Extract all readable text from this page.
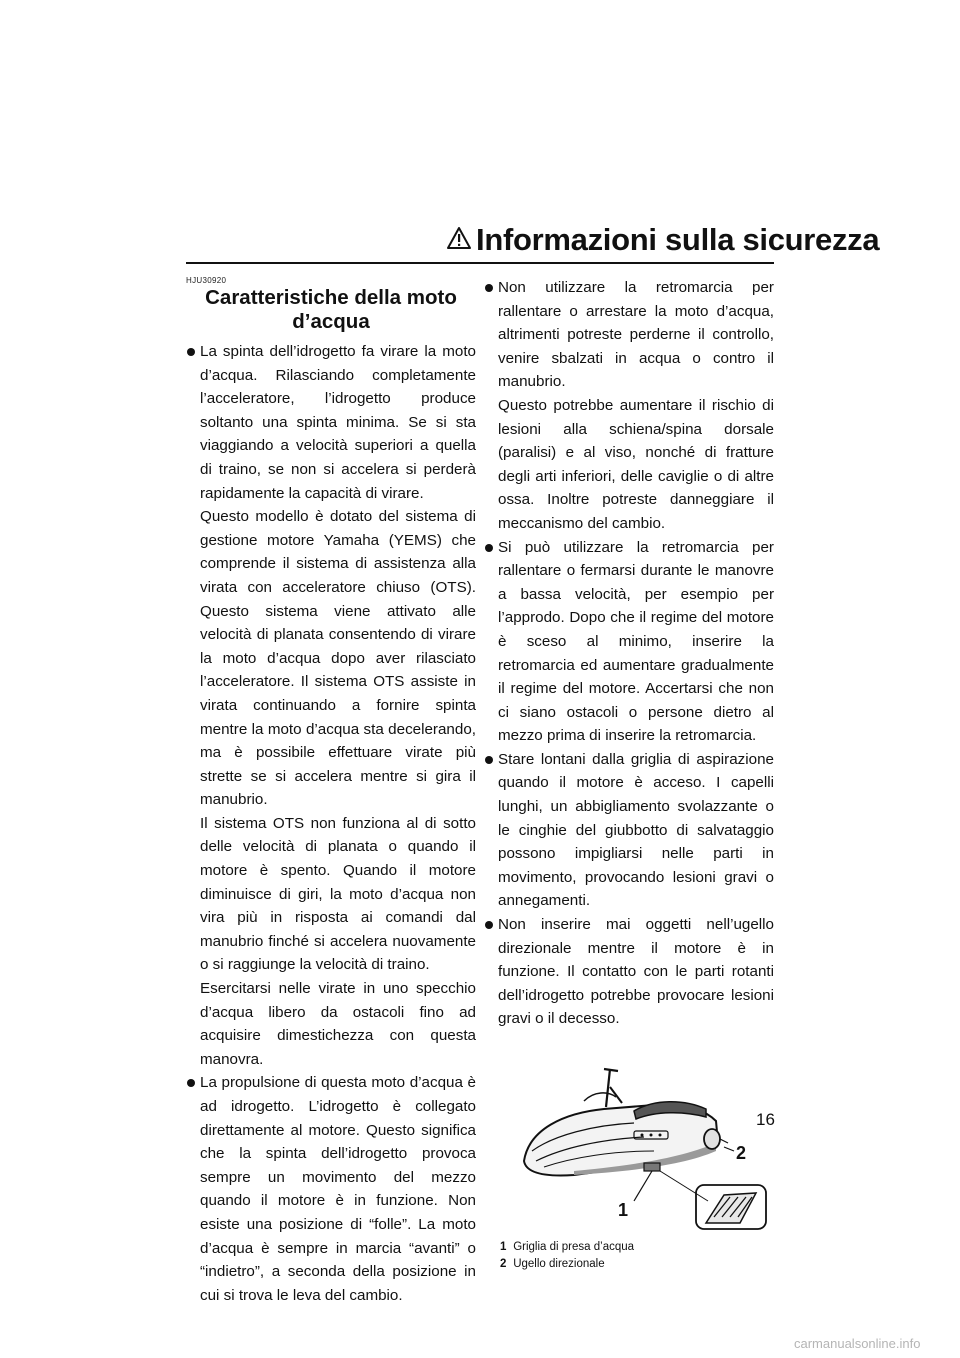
Informazioni sulla sicurezza
HJU30920
Caratteristiche della moto
d’acqua

La spinta dell’idrogetto fa virare la moto d’acqua. Rilasciando completamente l’acceleratore, l’idrogetto produce soltanto una spinta minima. Se si sta viaggiando a velocità superiori a quella di traino, se non si accelera si perderà rapidamente la capacità di virare.

Questo modello è dotato del sistema di gestione motore Yamaha (YEMS) che comprende il sistema di assistenza alla virata con acceleratore chiuso (OTS). Questo sistema viene attivato alle velocità di planata consentendo di virare la moto d’acqua dopo aver rilasciato l’acceleratore. Il sistema OTS assiste in virata continuando a fornire spinta mentre la moto d’acqua sta decelerando, ma è possibile effettuare virate più strette se si accelera mentre si gira il manubrio.

Il sistema OTS non funziona al di sotto delle velocità di planata o quando il motore è spento. Quando il motore diminuisce di giri, la moto d’acqua non vira più in risposta ai comandi dal manubrio finché si accelera nuovamente o si raggiunge la velocità di traino.

Esercitarsi nelle virate in uno specchio d’acqua libero da ostacoli fino ad acquisire dimestichezza con questa manovra.

La propulsione di questa moto d’acqua è ad idrogetto. L’idrogetto è collegato direttamente al motore. Questo significa che la spinta dell’idrogetto provoca sempre un movimento del mezzo quando il motore è in funzione. Non esiste una posizione di “folle”. La moto d’acqua è sempre in marcia “avanti” o “indietro”, a seconda della posizione in cui si trova le leva del cambio.

Non utilizzare la retromarcia per rallentare o arrestare la moto d’acqua, altrimenti potreste perderne il controllo, venire sbalzati in acqua o contro il manubrio.

Questo potrebbe aumentare il rischio di lesioni alla schiena/spina dorsale (paralisi) e al viso, nonché di fratture degli arti inferiori, delle caviglie o di altre ossa. Inoltre potreste danneggiare il meccanismo del cambio.

Si può utilizzare la retromarcia per rallentare o fermarsi durante le manovre a bassa velocità, per esempio per l’approdo. Dopo che il regime del motore è sceso al minimo, inserire la retromarcia ed aumentare gradualmente il regime del motore. Accertarsi che non ci siano ostacoli o persone dietro al mezzo prima di inserire la retromarcia.

Stare lontani dalla griglia di aspirazione quando il motore è acceso. I capelli lunghi, un abbigliamento svolazzante o le cinghie del giubbotto di salvataggio possono impigliarsi nelle parti in movimento, provocando lesioni gravi o annegamenti.

Non inserire mai oggetti nell’ugello direzionale mentre il motore è in funzione. Il contatto con le parti rotanti dell’idrogetto potrebbe provocare lesioni gravi o il decesso.

1
2
1 Griglia di presa d’acqua
2 Ugello direzionale
16
carmanualsonline.info
